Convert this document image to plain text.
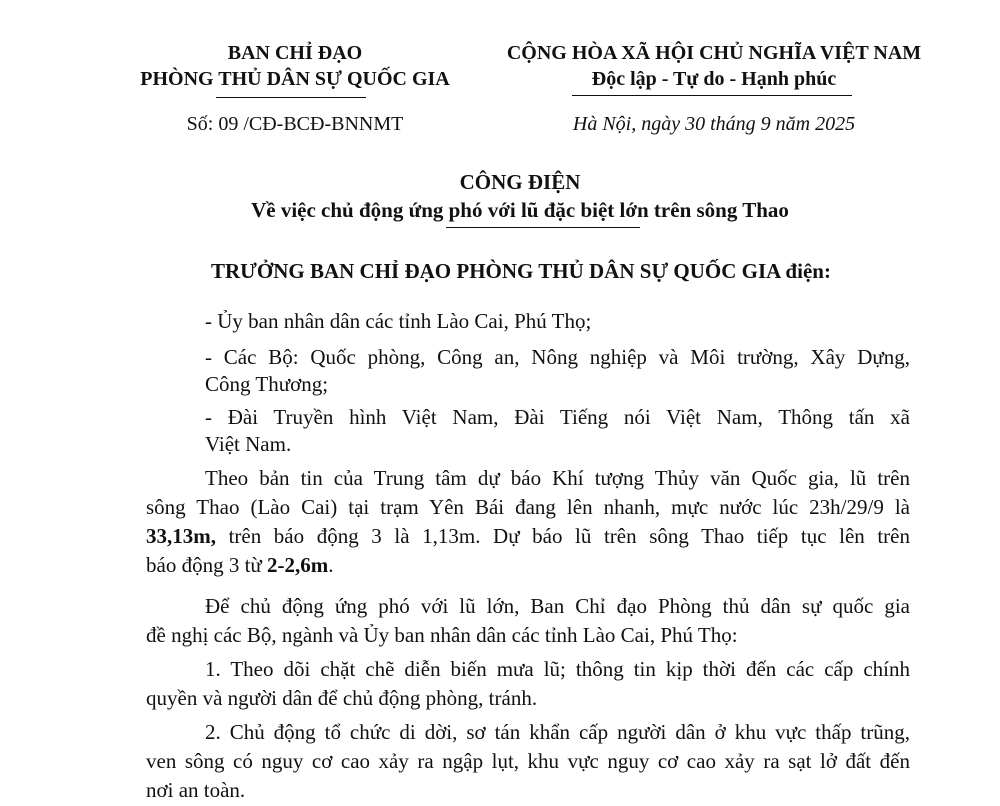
BAN CHỈ ĐẠO
PHÒNG THỦ DÂN SỰ QUỐC GIA
Số: 09 /CĐ-BCĐ-BNNMT
CỘNG HÒA XÃ HỘI CHỦ NGHĨA VIỆT NAM
Độc lập - Tự do - Hạnh phúc
Hà Nội, ngày 30 tháng 9 năm 2025
CÔNG ĐIỆN
Về việc chủ động ứng phó với lũ đặc biệt lớn trên sông Thao
TRƯỞNG BAN CHỈ ĐẠO PHÒNG THỦ DÂN SỰ QUỐC GIA điện:
- Ủy ban nhân dân các tỉnh Lào Cai, Phú Thọ;
- Các Bộ: Quốc phòng, Công an, Nông nghiệp và Môi trường, Xây Dựng,
Công Thương;
- Đài Truyền hình Việt Nam, Đài Tiếng nói Việt Nam, Thông tấn xã
Việt Nam.
Theo bản tin của Trung tâm dự báo Khí tượng Thủy văn Quốc gia, lũ trên
sông Thao (Lào Cai) tại trạm Yên Bái đang lên nhanh, mực nước lúc 23h/29/9 là
33,13m, trên báo động 3 là 1,13m. Dự báo lũ trên sông Thao tiếp tục lên trên
báo động 3 từ 2-2,6m.
Để chủ động ứng phó với lũ lớn, Ban Chỉ đạo Phòng thủ dân sự quốc gia
đề nghị các Bộ, ngành và Ủy ban nhân dân các tỉnh Lào Cai, Phú Thọ:
1. Theo dõi chặt chẽ diễn biến mưa lũ; thông tin kịp thời đến các cấp chính
quyền và người dân để chủ động phòng, tránh.
2. Chủ động tổ chức di dời, sơ tán khẩn cấp người dân ở khu vực thấp trũng,
ven sông có nguy cơ cao xảy ra ngập lụt, khu vực nguy cơ cao xảy ra sạt lở đất đến
nơi an toàn.
